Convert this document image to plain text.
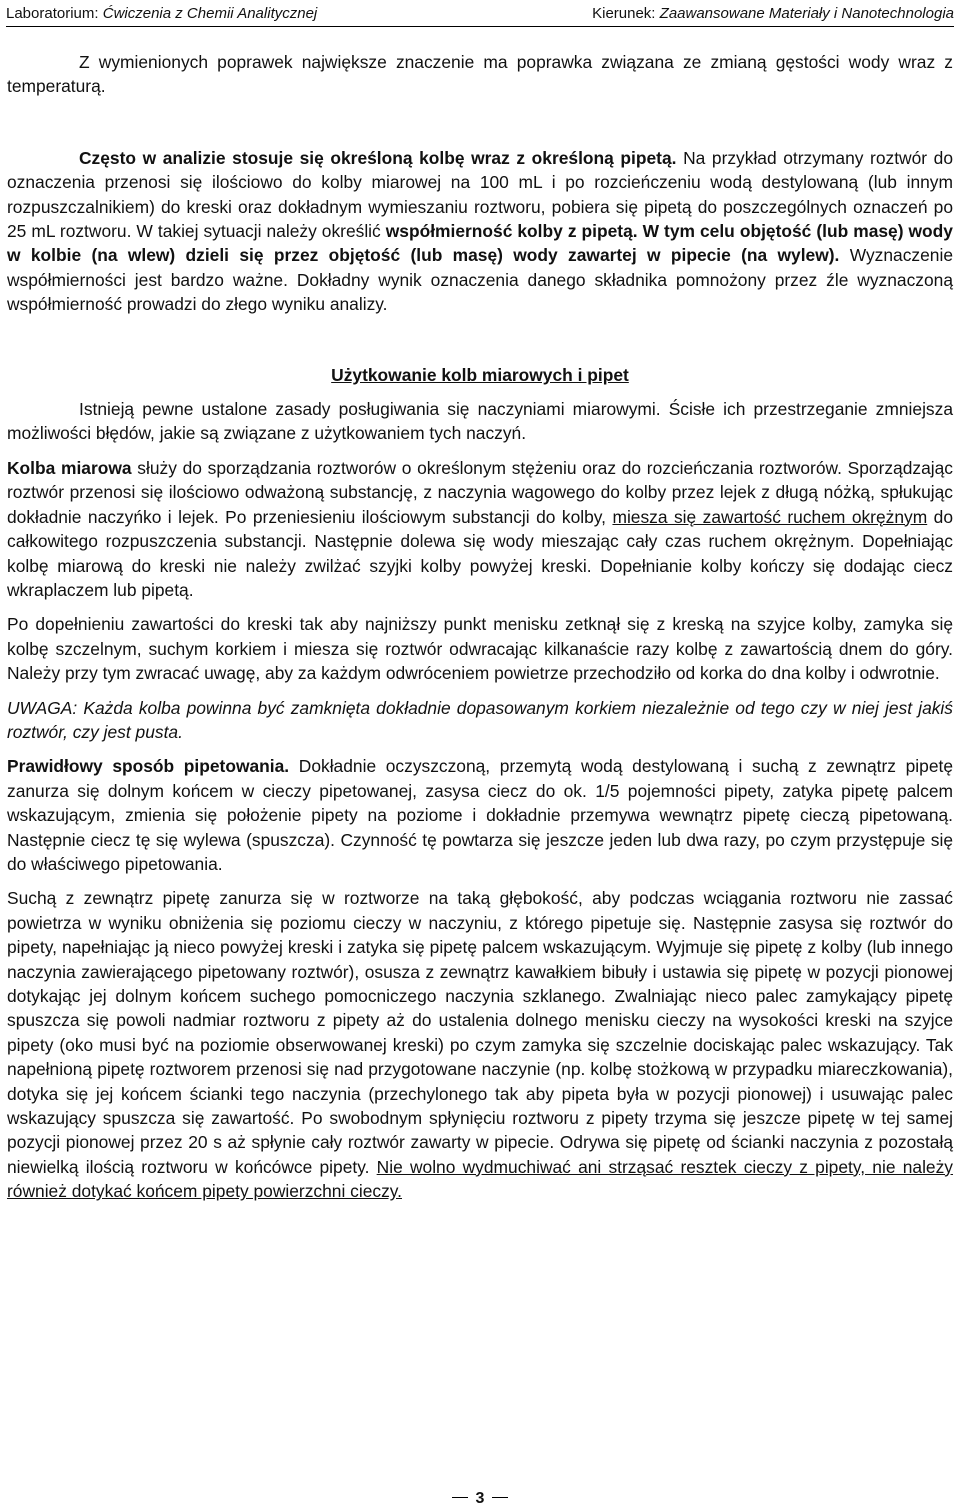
Laboratorium: Ćwiczenia z Chemii Analitycznej	Kierunek: Zaawansowane Materiały i Nanotechnologia

Z wymienionych poprawek największe znaczenie ma poprawka związana ze zmianą gęstości wody wraz z temperaturą.

Często w analizie stosuje się określoną kolbę wraz z określoną pipetą. Na przykład otrzymany roztwór do oznaczenia przenosi się ilościowo do kolby miarowej na 100 mL i po rozcieńczeniu wodą destylowaną (lub innym rozpuszczalnikiem) do kreski oraz dokładnym wymieszaniu roztworu, pobiera się pipetą do poszczególnych oznaczeń po 25 mL roztworu. W takiej sytuacji należy określić współmierność kolby z pipetą. W tym celu objętość (lub masę) wody w kolbie (na wlew) dzieli się przez objętość (lub masę) wody zawartej w pipecie (na wylew). Wyznaczenie współmierności jest bardzo ważne. Dokładny wynik oznaczenia danego składnika pomnożony przez źle wyznaczoną współmierność prowadzi do złego wyniku analizy.

Użytkowanie kolb miarowych i pipet

Istnieją pewne ustalone zasady posługiwania się naczyniami miarowymi. Ścisłe ich przestrzeganie zmniejsza możliwości błędów, jakie są związane z użytkowaniem tych naczyń.

Kolba miarowa służy do sporządzania roztworów o określonym stężeniu oraz do rozcieńczania roztworów. Sporządzając roztwór przenosi się ilościowo odważoną substancję, z naczynia wagowego do kolby przez lejek z długą nóżką, spłukując dokładnie naczyńko i lejek. Po przeniesieniu ilościowym substancji do kolby, miesza się zawartość ruchem okrężnym do całkowitego rozpuszczenia substancji. Następnie dolewa się wody mieszając cały czas ruchem okrężnym. Dopełniając kolbę miarową do kreski nie należy zwilżać szyjki kolby powyżej kreski. Dopełnianie kolby kończy się dodając ciecz wkraplaczem lub pipetą.

Po dopełnieniu zawartości do kreski tak aby najniższy punkt menisku zetknął się z kreską na szyjce kolby, zamyka się kolbę szczelnym, suchym korkiem i miesza się roztwór odwracając kilkanaście razy kolbę z zawartością dnem do góry. Należy przy tym zwracać uwagę, aby za każdym odwróceniem powietrze przechodziło od korka do dna kolby i odwrotnie.

UWAGA: Każda kolba powinna być zamknięta dokładnie dopasowanym korkiem niezależnie od tego czy w niej jest jakiś roztwór, czy jest pusta.

Prawidłowy sposób pipetowania. Dokładnie oczyszczoną, przemytą wodą destylowaną i suchą z zewnątrz pipetę zanurza się dolnym końcem w cieczy pipetowanej, zasysa ciecz do ok. 1/5 pojemności pipety, zatyka pipetę palcem wskazującym, zmienia się położenie pipety na poziome i dokładnie przemywa wewnątrz pipetę cieczą pipetowaną. Następnie ciecz tę się wylewa (spuszcza). Czynność tę powtarza się jeszcze jeden lub dwa razy, po czym przystępuje się do właściwego pipetowania.

Suchą z zewnątrz pipetę zanurza się w roztworze na taką głębokość, aby podczas wciągania roztworu nie zassać powietrza w wyniku obniżenia się poziomu cieczy w naczyniu, z którego pipetuje się. Następnie zasysa się roztwór do pipety, napełniając ją nieco powyżej kreski i zatyka się pipetę palcem wskazującym. Wyjmuje się pipetę z kolby (lub innego naczynia zawierającego pipetowany roztwór), osusza z zewnątrz kawałkiem bibuły i ustawia się pipetę w pozycji pionowej dotykając jej dolnym końcem suchego pomocniczego naczynia szklanego. Zwalniając nieco palec zamykający pipetę spuszcza się powoli nadmiar roztworu z pipety aż do ustalenia dolnego menisku cieczy na wysokości kreski na szyjce pipety (oko musi być na poziomie obserwowanej kreski) po czym zamyka się szczelnie dociskając palec wskazujący. Tak napełnioną pipetę roztworem przenosi się nad przygotowane naczynie (np. kolbę stożkową w przypadku miareczkowania), dotyka się jej końcem ścianki tego naczynia (przechylonego tak aby pipeta była w pozycji pionowej) i usuwając palec wskazujący spuszcza się zawartość. Po swobodnym spłynięciu roztworu z pipety trzyma się jeszcze pipetę w tej samej pozycji pionowej przez 20 s aż spłynie cały roztwór zawarty w pipecie. Odrywa się pipetę od ścianki naczynia z pozostałą niewielką ilością roztworu w końcówce pipety. Nie wolno wydmuchiwać ani strząsać resztek cieczy z pipety, nie należy również dotykać końcem pipety powierzchni cieczy.

3
